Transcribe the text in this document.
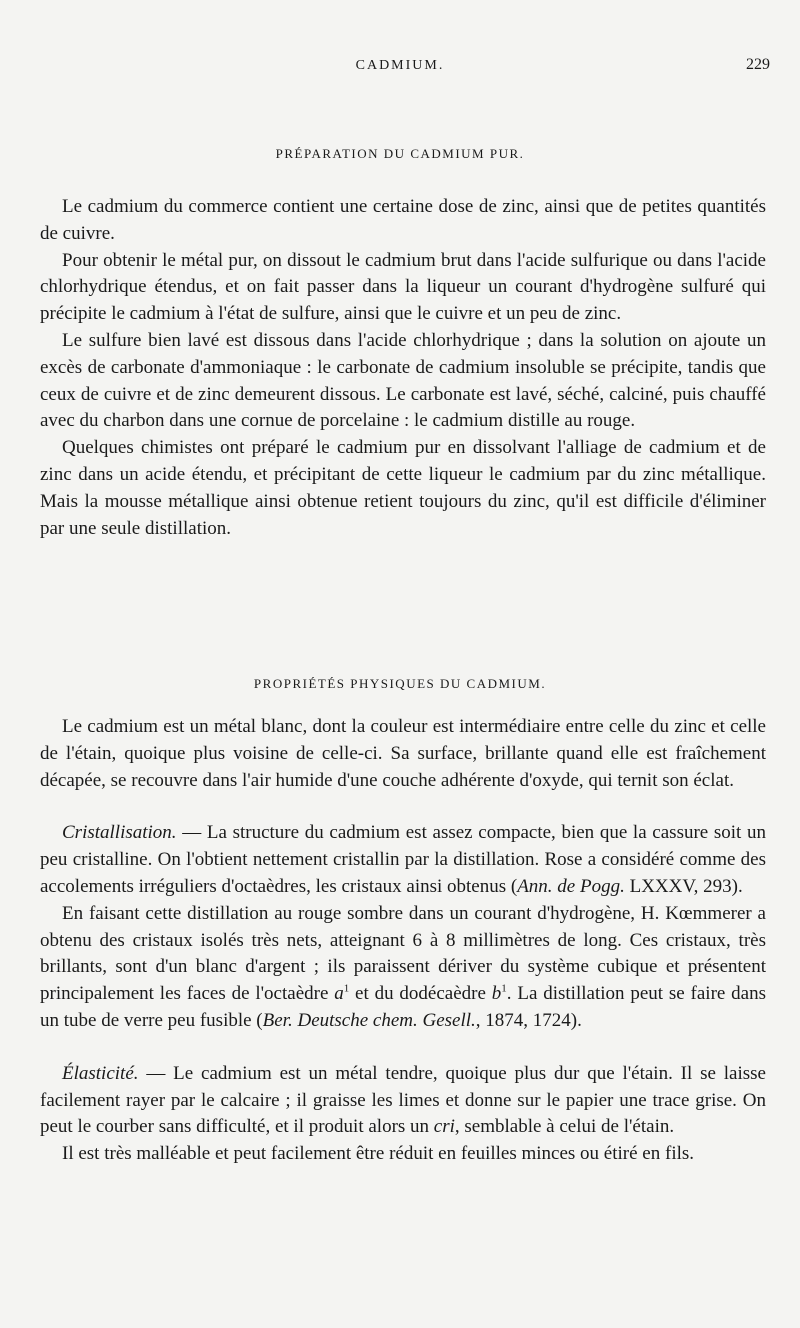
CADMIUM.	229
PRÉPARATION DU CADMIUM PUR.

Le cadmium du commerce contient une certaine dose de zinc, ainsi que de petites quantités de cuivre.

Pour obtenir le métal pur, on dissout le cadmium brut dans l'acide sulfurique ou dans l'acide chlorhydrique étendus, et on fait passer dans la liqueur un courant d'hydrogène sulfuré qui précipite le cadmium à l'état de sulfure, ainsi que le cuivre et un peu de zinc.

Le sulfure bien lavé est dissous dans l'acide chlorhydrique ; dans la solution on ajoute un excès de carbonate d'ammoniaque : le carbonate de cadmium insoluble se précipite, tandis que ceux de cuivre et de zinc demeurent dissous. Le carbonate est lavé, séché, calciné, puis chauffé avec du charbon dans une cornue de porcelaine : le cadmium distille au rouge.

Quelques chimistes ont préparé le cadmium pur en dissolvant l'alliage de cadmium et de zinc dans un acide étendu, et précipitant de cette liqueur le cadmium par du zinc métallique. Mais la mousse métallique ainsi obtenue retient toujours du zinc, qu'il est difficile d'éliminer par une seule distillation.

PROPRIÉTÉS PHYSIQUES DU CADMIUM.

Le cadmium est un métal blanc, dont la couleur est intermédiaire entre celle du zinc et celle de l'étain, quoique plus voisine de celle-ci. Sa surface, brillante quand elle est fraîchement décapée, se recouvre dans l'air humide d'une couche adhérente d'oxyde, qui ternit son éclat.

Cristallisation. — La structure du cadmium est assez compacte, bien que la cassure soit un peu cristalline. On l'obtient nettement cristallin par la distillation. Rose a considéré comme des accolements irréguliers d'octaèdres, les cristaux ainsi obtenus (Ann. de Pogg. LXXXV, 293).

En faisant cette distillation au rouge sombre dans un courant d'hydrogène, H. Kœmmerer a obtenu des cristaux isolés très nets, atteignant 6 à 8 millimètres de long. Ces cristaux, très brillants, sont d'un blanc d'argent ; ils paraissent dériver du système cubique et présentent principalement les faces de l'octaèdre $a^1$ et du dodécaèdre $b^1$. La distillation peut se faire dans un tube de verre peu fusible (Ber. Deutsche chem. Gesell., 1874, 1724).

Élasticité. — Le cadmium est un métal tendre, quoique plus dur que l'étain. Il se laisse facilement rayer par le calcaire ; il graisse les limes et donne sur le papier une trace grise. On peut le courber sans difficulté, et il produit alors un cri, semblable à celui de l'étain.

Il est très malléable et peut facilement être réduit en feuilles minces ou étiré en fils.
